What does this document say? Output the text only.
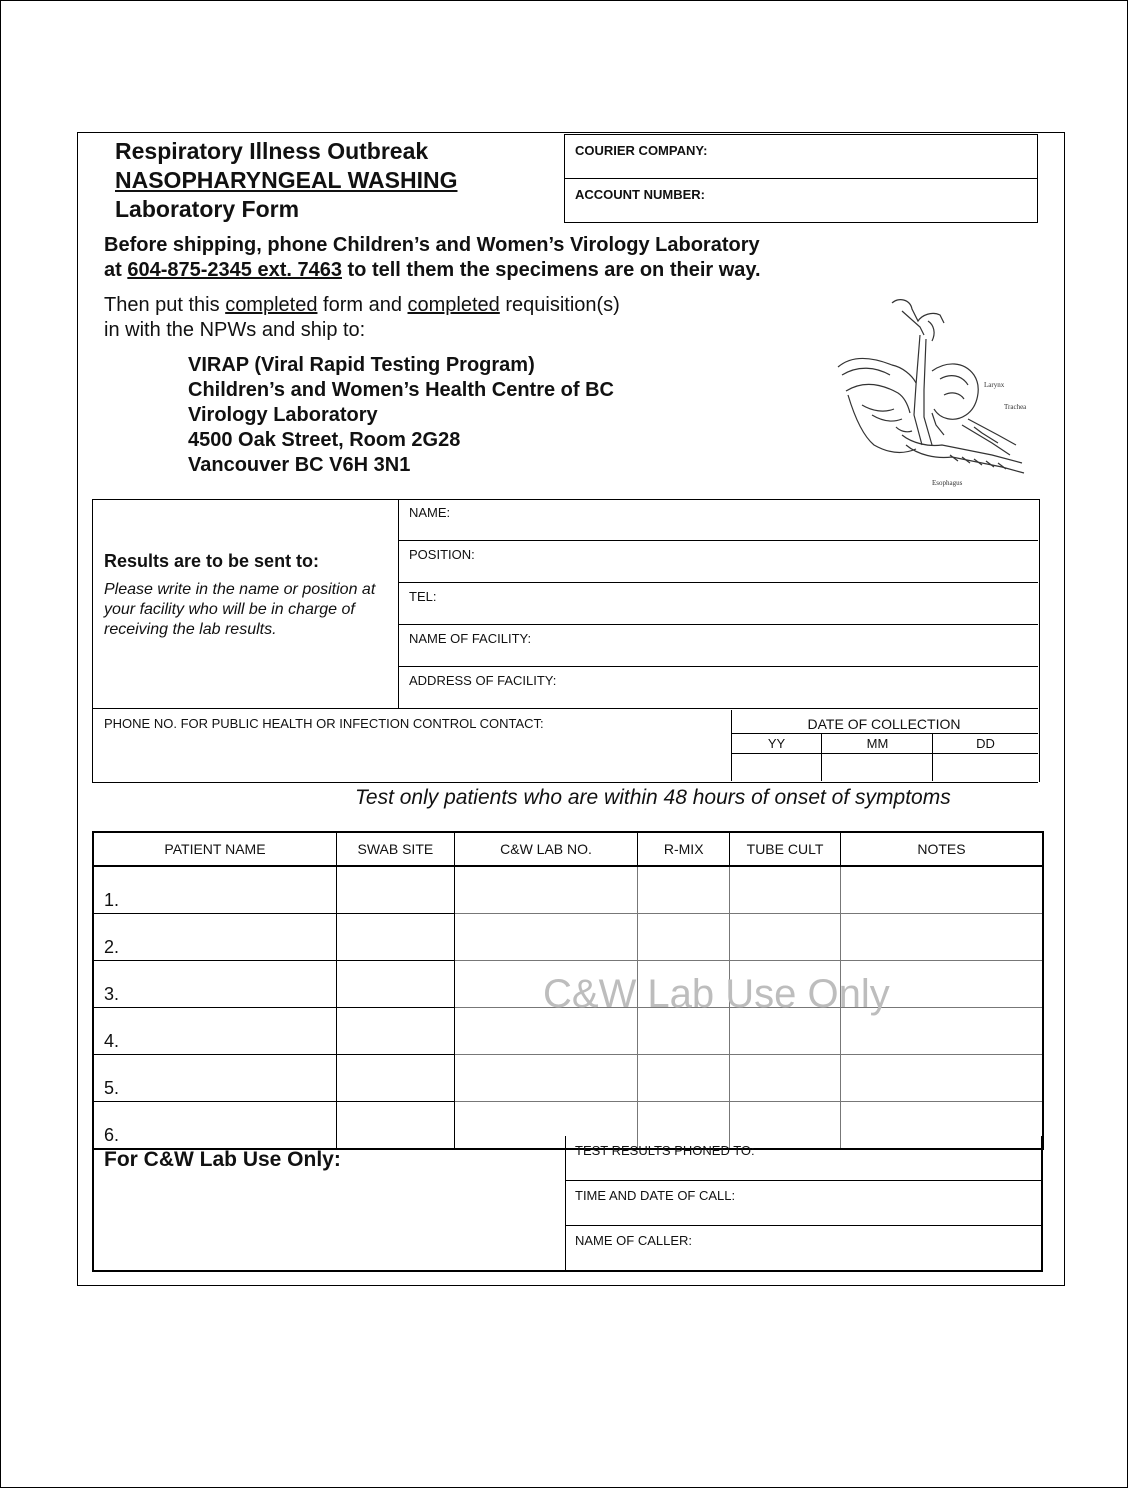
Respiratory Illness Outbreak
NASOPHARYNGEAL WASHING
Laboratory Form
COURIER COMPANY:
ACCOUNT NUMBER:
Before shipping, phone Children’s and Women’s Virology Laboratory
at 604-875-2345 ext. 7463 to tell them the specimens are on their way.
Then put this completed form and completed requisition(s)
in with the NPWs and ship to:
VIRAP (Viral Rapid Testing Program)
Children’s and Women’s Health Centre of BC
Virology Laboratory
4500 Oak Street, Room 2G28
Vancouver BC V6H 3N1
Larynx
Trachea
Esophagus
Results are to be sent to:
Please write in the name or position at your facility who will be in charge of receiving the lab results.
NAME:
POSITION:
TEL:
NAME OF FACILITY:
ADDRESS OF FACILITY:
PHONE NO. FOR PUBLIC HEALTH OR INFECTION CONTROL CONTACT:	DATE OF COLLECTION
YY	MM	DD
Test only patients who are within 48 hours of onset of symptoms
PATIENT NAME	SWAB SITE	C&W LAB NO.	R-MIX	TUBE CULT	NOTES
1.					
2.					
3.					
4.					
5.					
6.					
C&W Lab Use Only
For C&W Lab Use Only:	TEST RESULTS PHONED TO:
TIME AND DATE OF CALL:
NAME OF CALLER:
